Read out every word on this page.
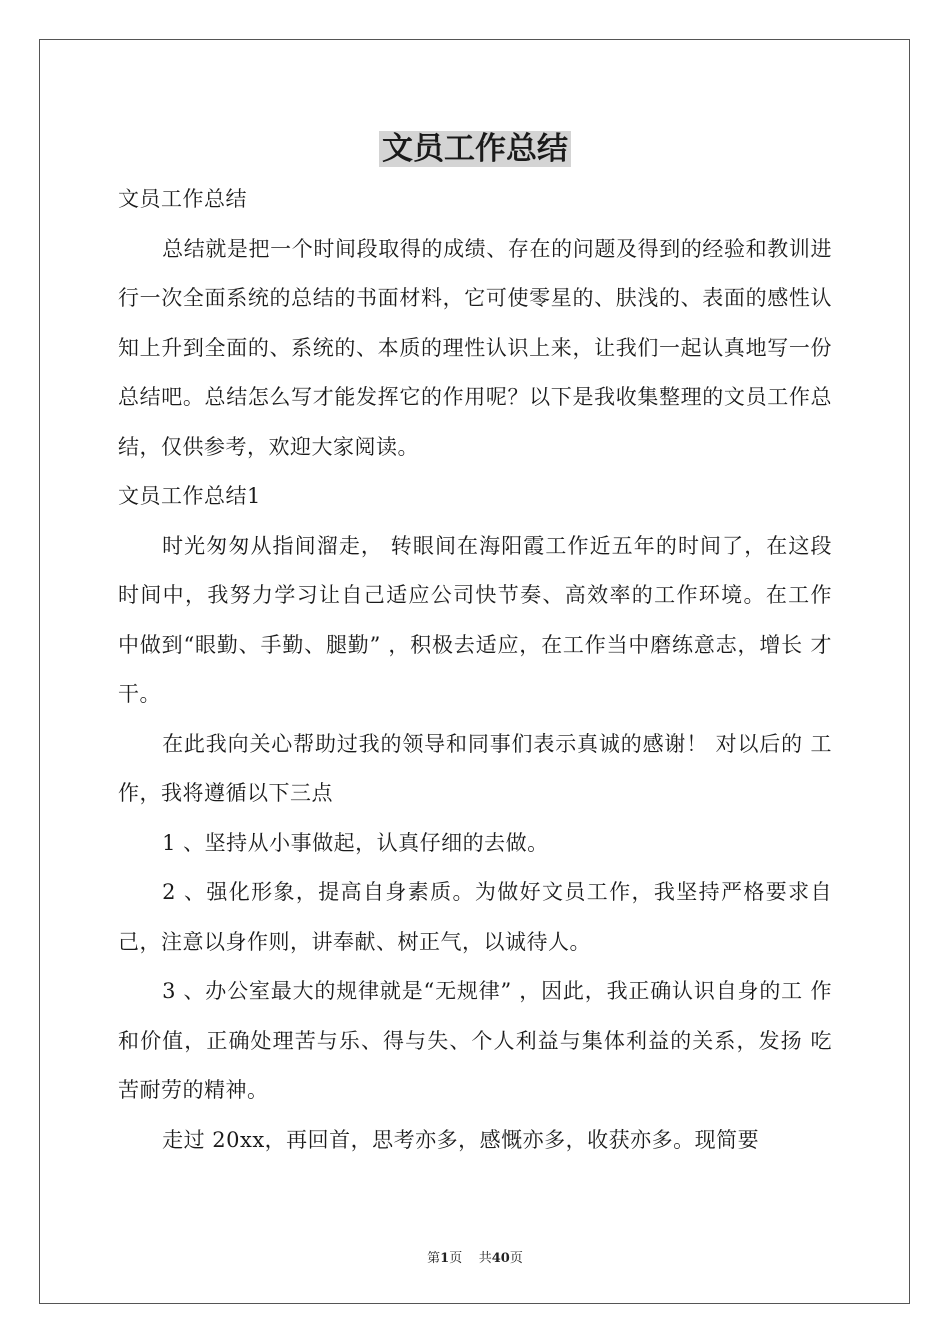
文员工作总结

文员工作总结

总结就是把一个时间段取得的成绩、存在的问题及得到的经验和教训进行一次全面系统的总结的书面材料，它可使零星的、肤浅的、表面的感性认知上升到全面的、系统的、本质的理性认识上来，让我们一起认真地写一份总结吧。总结怎么写才能发挥它的作用呢？以下是我收集整理的文员工作总结，仅供参考，欢迎大家阅读。

文员工作总结1

时光匆匆从指间溜走， 转眼间在海阳霞工作近五年的时间了，在这段 时间中，我努力学习让自己适应公司快节奏、高效率的工作环境。在工作 中做到“眼勤、手勤、腿勤” ，积极去适应，在工作当中磨练意志，增长 才干。

在此我向关心帮助过我的领导和同事们表示真诚的感谢！ 对以后的 工作，我将遵循以下三点

1 、坚持从小事做起，认真仔细的去做。

2 、强化形象，提高自身素质。为做好文员工作，我坚持严格要求自 己，注意以身作则，讲奉献、树正气，以诚待人。

3 、办公室最大的规律就是“无规律” ，因此，我正确认识自身的工 作和价值，正确处理苦与乐、得与失、个人利益与集体利益的关系，发扬 吃苦耐劳的精神。

走过 20xx，再回首，思考亦多，感慨亦多，收获亦多。现简要

第1页 共40页
